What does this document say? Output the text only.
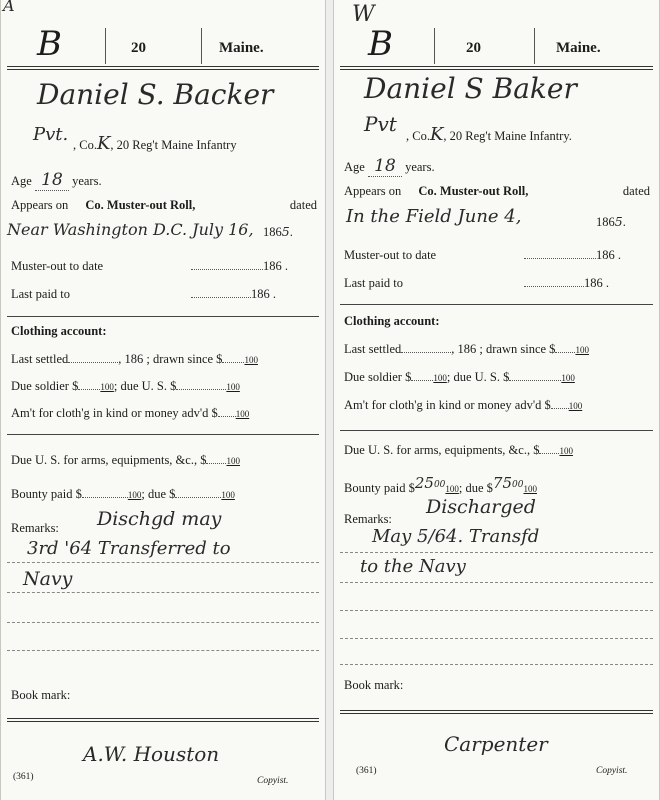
A
B	20	Maine.
Daniel S. Backer
Pvt. , Co.K, 20 Reg't Maine Infantry
Age 18 years.
Appears on Co. Muster-out Roll,	dated
Near Washington D.C. July 16, 1865.
Muster-out to date	186 .
Last paid to	186 .
Clothing account:
Last settled	, 186 ; drawn since $ 100
Due soldier $ 100; due U. S. $	100
Am't for cloth'g in kind or money adv'd $ 100
Due U. S. for arms, equipments, &c., $ 100
Bounty paid $	100; due $	100
Remarks: Dischgd may
3rd '64 Transferred to
Navy
Book mark:
A.W. Houston
(361)	Copyist.
W
B	20	Maine.
Daniel S Baker
Pvt , Co.K, 20 Reg't Maine Infantry.
Age 18 years.
Appears on Co. Muster-out Roll,	dated
In the Field June 4,	1865.
Muster-out to date	186 .
Last paid to	186 .
Clothing account:
Last settled	, 186 ; drawn since $ 100
Due soldier $ 100; due U. S. $	100
Am't for cloth'g in kind or money adv'd $ 100
Due U. S. for arms, equipments, &c., $ 100
Bounty paid $\$25^{00}100$; due $\$75^{00}100$
Remarks:
Discharged
May 5/64. Transfd
to the Navy
Book mark:
Carpenter
(361)	Copyist.
